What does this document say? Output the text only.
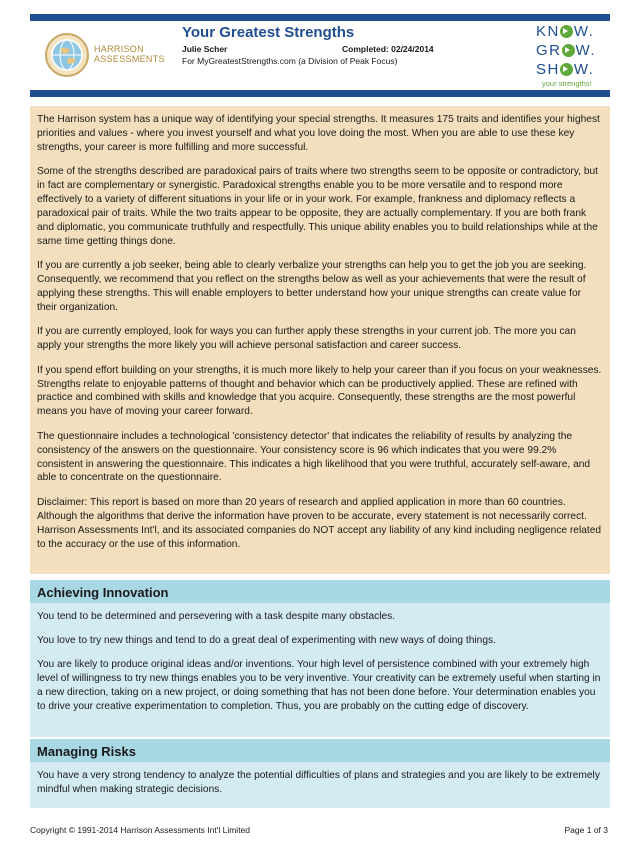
HARRISON
ASSESSMENTS
Your Greatest Strengths
Julie Scher	Completed: 02/24/2014
For MyGreatestStrengths.com (a Division of Peak Focus)
KN W.
GR W.
SH W.
your strengths!

The Harrison system has a unique way of identifying your special strengths. It measures 175 traits and identifies your highest priorities and values - where you invest yourself and what you love doing the most. When you are able to use these key strengths, your career is more fulfilling and more successful.

Some of the strengths described are paradoxical pairs of traits where two strengths seem to be opposite or contradictory, but in fact are complementary or synergistic. Paradoxical strengths enable you to be more versatile and to respond more effectively to a variety of different situations in your life or in your work. For example, frankness and diplomacy reflects a paradoxical pair of traits. While the two traits appear to be opposite, they are actually complementary. If you are both frank and diplomatic, you communicate truthfully and respectfully. This unique ability enables you to build relationships while at the same time getting things done.

If you are currently a job seeker, being able to clearly verbalize your strengths can help you to get the job you are seeking. Consequently, we recommend that you reflect on the strengths below as well as your achievements that were the result of applying these strengths. This will enable employers to better understand how your unique strengths can create value for their organization.

If you are currently employed, look for ways you can further apply these strengths in your current job. The more you can apply your strengths the more likely you will achieve personal satisfaction and career success.

If you spend effort building on your strengths, it is much more likely to help your career than if you focus on your weaknesses. Strengths relate to enjoyable patterns of thought and behavior which can be productively applied. These are refined with practice and combined with skills and knowledge that you acquire. Consequently, these strengths are the most powerful means you have of moving your career forward.

The questionnaire includes a technological 'consistency detector' that indicates the reliability of results by analyzing the consistency of the answers on the questionnaire. Your consistency score is 96 which indicates that you were 99.2% consistent in answering the questionnaire. This indicates a high likelihood that you were truthful, accurately self-aware, and able to concentrate on the questionnaire.

Disclaimer: This report is based on more than 20 years of research and applied application in more than 60 countries. Although the algorithms that derive the information have proven to be accurate, every statement is not necessarily correct. Harrison Assessments Int'l, and its associated companies do NOT accept any liability of any kind including negligence related to the accuracy or the use of this information.

Achieving Innovation

You tend to be determined and persevering with a task despite many obstacles.

You love to try new things and tend to do a great deal of experimenting with new ways of doing things.

You are likely to produce original ideas and/or inventions. Your high level of persistence combined with your extremely high level of willingness to try new things enables you to be very inventive. Your creativity can be extremely useful when starting in a new direction, taking on a new project, or doing something that has not been done before. Your determination enables you to drive your creative experimentation to completion. Thus, you are probably on the cutting edge of discovery.

Managing Risks

You have a very strong tendency to analyze the potential difficulties of plans and strategies and you are likely to be extremely mindful when making strategic decisions.

Copyright © 1991-2014 Harrison Assessments Int'l Limited	Page 1 of 3
